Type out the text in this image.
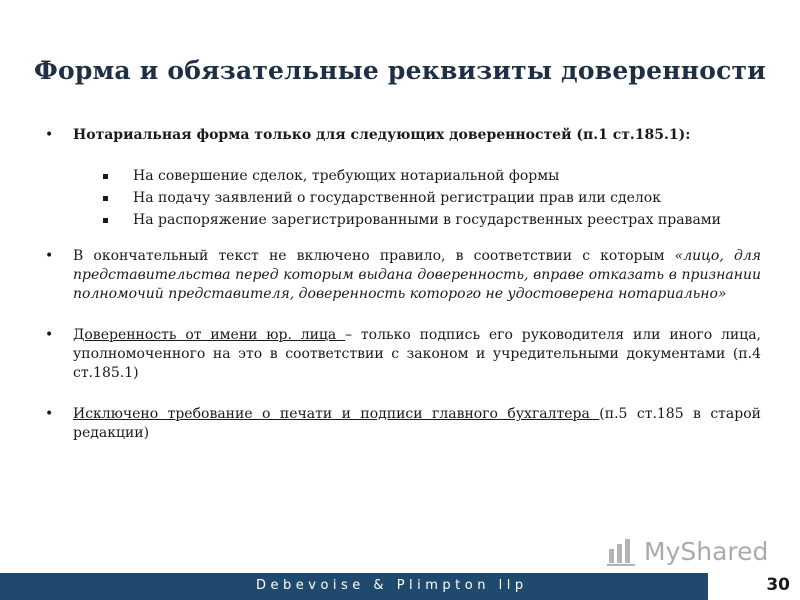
Форма и обязательные реквизиты доверенности
• Нотариальная форма только для следующих доверенностей (п.1 ст.185.1):
На совершение сделок, требующих нотариальной формы
На подачу заявлений о государственной регистрации прав или сделок
На распоряжение зарегистрированными в государственных реестрах правами
• В окончательный текст не включено правило, в соответствии с которым «лицо, для представительства перед которым выдана доверенность, вправе отказать в признании полномочий представителя, доверенность которого не удостоверена нотариально»
• Доверенность от имени юр. лица – только подпись его руководителя или иного лица, уполномоченного на это в соответствии с законом и учредительными документами (п.4 ст.185.1)
• Исключено требование о печати и подписи главного бухгалтера (п.5 ст.185 в старой редакции)
MyShared
Debevoise & Plimpton llp	30
